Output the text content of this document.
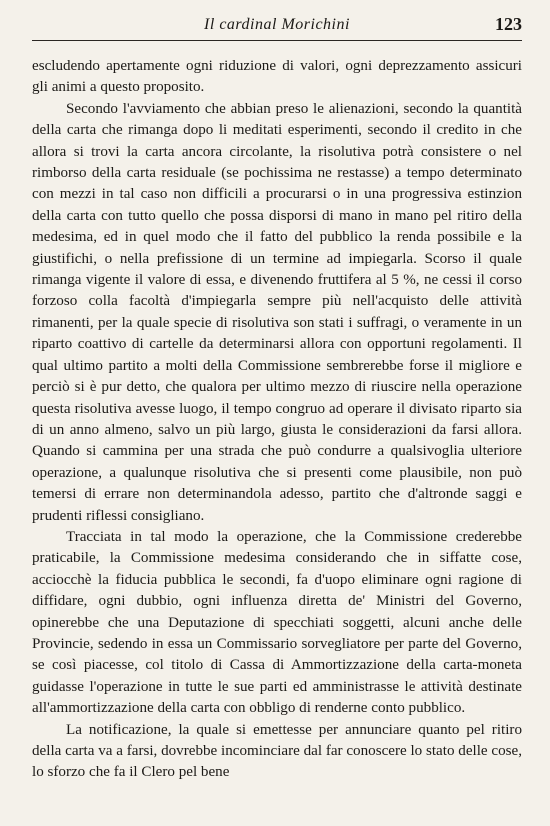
Il cardinal Morichini	123

escludendo apertamente ogni riduzione di valori, ogni deprezzamento assicuri gli animi a questo proposito.

Secondo l'avviamento che abbian preso le alienazioni, secondo la quantità della carta che rimanga dopo li meditati esperimenti, secondo il credito in che allora si trovi la carta ancora circolante, la risolutiva potrà consistere o nel rimborso della carta residuale (se pochissima ne restasse) a tempo determinato con mezzi in tal caso non difficili a procurarsi o in una progressiva estinzion della carta con tutto quello che possa disporsi di mano in mano pel ritiro della medesima, ed in quel modo che il fatto del pubblico la renda possibile e la giustifichi, o nella prefissione di un termine ad impiegarla. Scorso il quale rimanga vigente il valore di essa, e divenendo fruttifera al 5 %, ne cessi il corso forzoso colla facoltà d'impiegarla sempre più nell'acquisto delle attività rimanenti, per la quale specie di risolutiva son stati i suffragi, o veramente in un riparto coattivo di cartelle da determinarsi allora con opportuni regolamenti. Il qual ultimo partito a molti della Commissione sembrerebbe forse il migliore e perciò si è pur detto, che qualora per ultimo mezzo di riuscire nella operazione questa risolutiva avesse luogo, il tempo congruo ad operare il divisato riparto sia di un anno almeno, salvo un più largo, giusta le considerazioni da farsi allora. Quando si cammina per una strada che può condurre a qualsivoglia ulteriore operazione, a qualunque risolutiva che si presenti come plausibile, non può temersi di errare non determinandola adesso, partito che d'altronde saggi e prudenti riflessi consigliano.

Tracciata in tal modo la operazione, che la Commissione crederebbe praticabile, la Commissione medesima considerando che in siffatte cose, acciocchè la fiducia pubblica le secondi, fa d'uopo eliminare ogni ragione di diffidare, ogni dubbio, ogni influenza diretta de' Ministri del Governo, opinerebbe che una Deputazione di specchiati soggetti, alcuni anche delle Provincie, sedendo in essa un Commissario sorvegliatore per parte del Governo, se così piacesse, col titolo di Cassa di Ammortizzazione della carta-moneta guidasse l'operazione in tutte le sue parti ed amministrasse le attività destinate all'ammortizzazione della carta con obbligo di renderne conto pubblico.

La notificazione, la quale si emettesse per annunciare quanto pel ritiro della carta va a farsi, dovrebbe incominciare dal far conoscere lo stato delle cose, lo sforzo che fa il Clero pel bene
